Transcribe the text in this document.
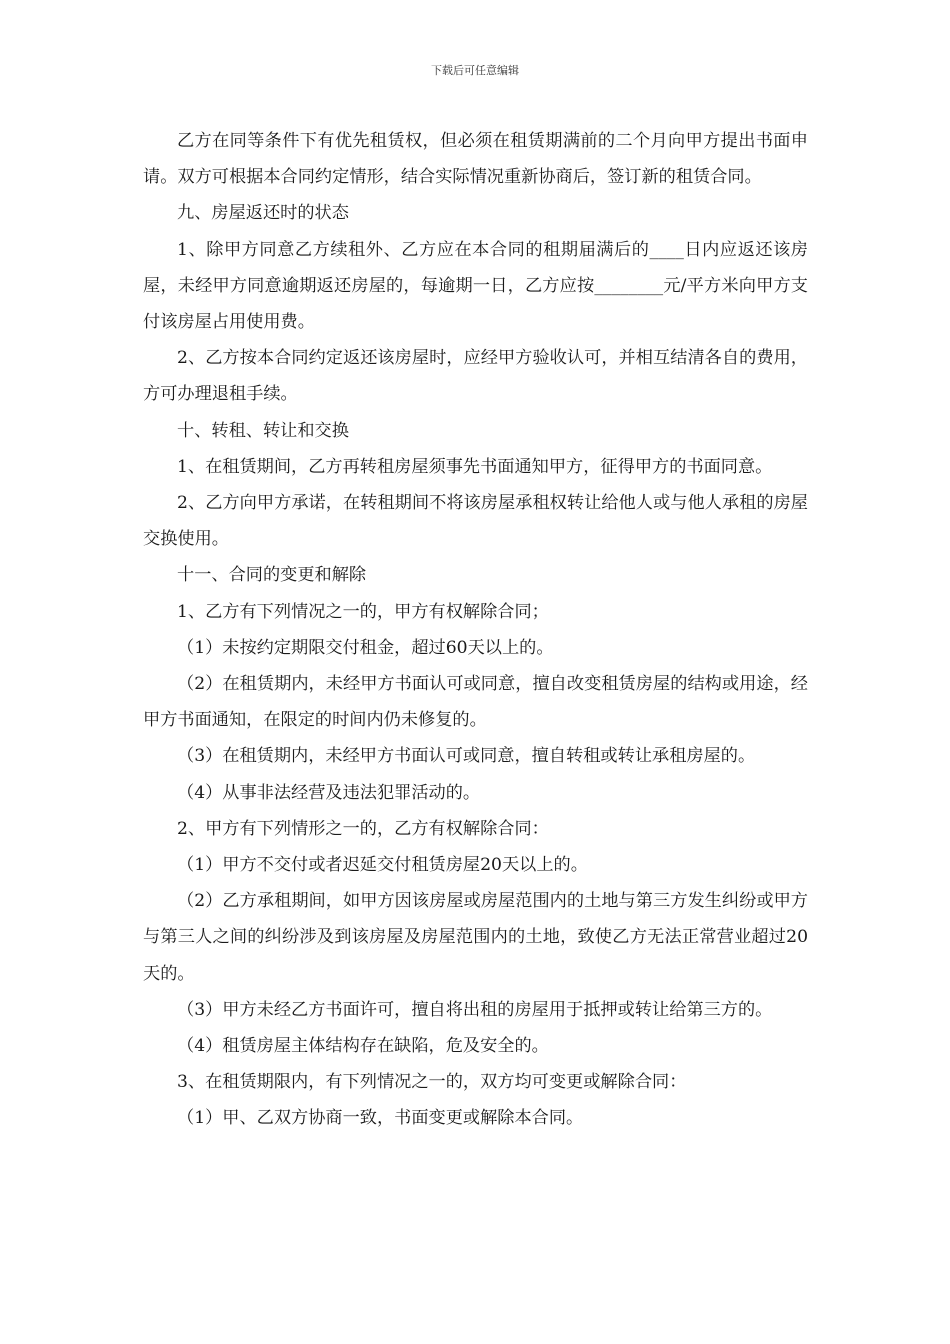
下载后可任意编辑

乙方在同等条件下有优先租赁权，但必须在租赁期满前的二个月向甲方提出书面申请。双方可根据本合同约定情形，结合实际情况重新协商后，签订新的租赁合同。

九、房屋返还时的状态

1、除甲方同意乙方续租外、乙方应在本合同的租期届满后的____日内应返还该房屋，未经甲方同意逾期返还房屋的，每逾期一日，乙方应按________元/平方米向甲方支付该房屋占用使用费。

2、乙方按本合同约定返还该房屋时，应经甲方验收认可，并相互结清各自的费用，方可办理退租手续。

十、转租、转让和交换

1、在租赁期间，乙方再转租房屋须事先书面通知甲方，征得甲方的书面同意。

2、乙方向甲方承诺，在转租期间不将该房屋承租权转让给他人或与他人承租的房屋交换使用。

十一、合同的变更和解除

1、乙方有下列情况之一的，甲方有权解除合同；

（1）未按约定期限交付租金，超过60天以上的。

（2）在租赁期内，未经甲方书面认可或同意，擅自改变租赁房屋的结构或用途，经甲方书面通知，在限定的时间内仍未修复的。

（3）在租赁期内，未经甲方书面认可或同意，擅自转租或转让承租房屋的。

（4）从事非法经营及违法犯罪活动的。

2、甲方有下列情形之一的，乙方有权解除合同：

（1）甲方不交付或者迟延交付租赁房屋20天以上的。

（2）乙方承租期间，如甲方因该房屋或房屋范围内的土地与第三方发生纠纷或甲方与第三人之间的纠纷涉及到该房屋及房屋范围内的土地，致使乙方无法正常营业超过20天的。

（3）甲方未经乙方书面许可，擅自将出租的房屋用于抵押或转让给第三方的。

（4）租赁房屋主体结构存在缺陷，危及安全的。

3、在租赁期限内，有下列情况之一的，双方均可变更或解除合同：

（1）甲、乙双方协商一致，书面变更或解除本合同。
